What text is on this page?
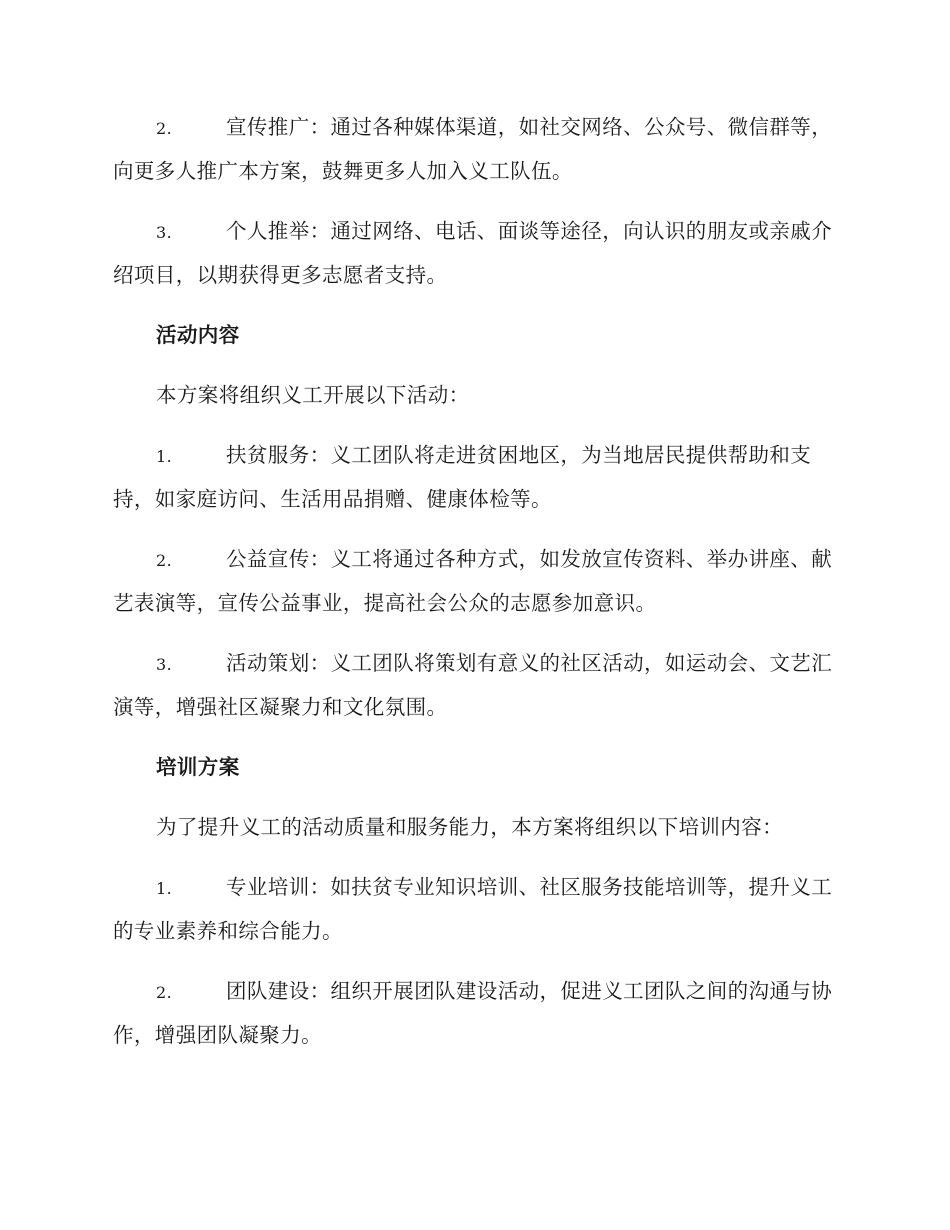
2.	宣传推广：通过各种媒体渠道，如社交网络、公众号、微信群等，向更多人推广本方案，鼓舞更多人加入义工队伍。

3.	个人推举：通过网络、电话、面谈等途径，向认识的朋友或亲戚介绍项目，以期获得更多志愿者支持。

活动内容

本方案将组织义工开展以下活动：

1.	扶贫服务：义工团队将走进贫困地区，为当地居民提供帮助和支持，如家庭访问、生活用品捐赠、健康体检等。

2.	公益宣传：义工将通过各种方式，如发放宣传资料、举办讲座、献艺表演等，宣传公益事业，提高社会公众的志愿参加意识。

3.	活动策划：义工团队将策划有意义的社区活动，如运动会、文艺汇演等，增强社区凝聚力和文化氛围。

培训方案

为了提升义工的活动质量和服务能力，本方案将组织以下培训内容：

1.	专业培训：如扶贫专业知识培训、社区服务技能培训等，提升义工的专业素养和综合能力。

2.	团队建设：组织开展团队建设活动，促进义工团队之间的沟通与协作，增强团队凝聚力。
